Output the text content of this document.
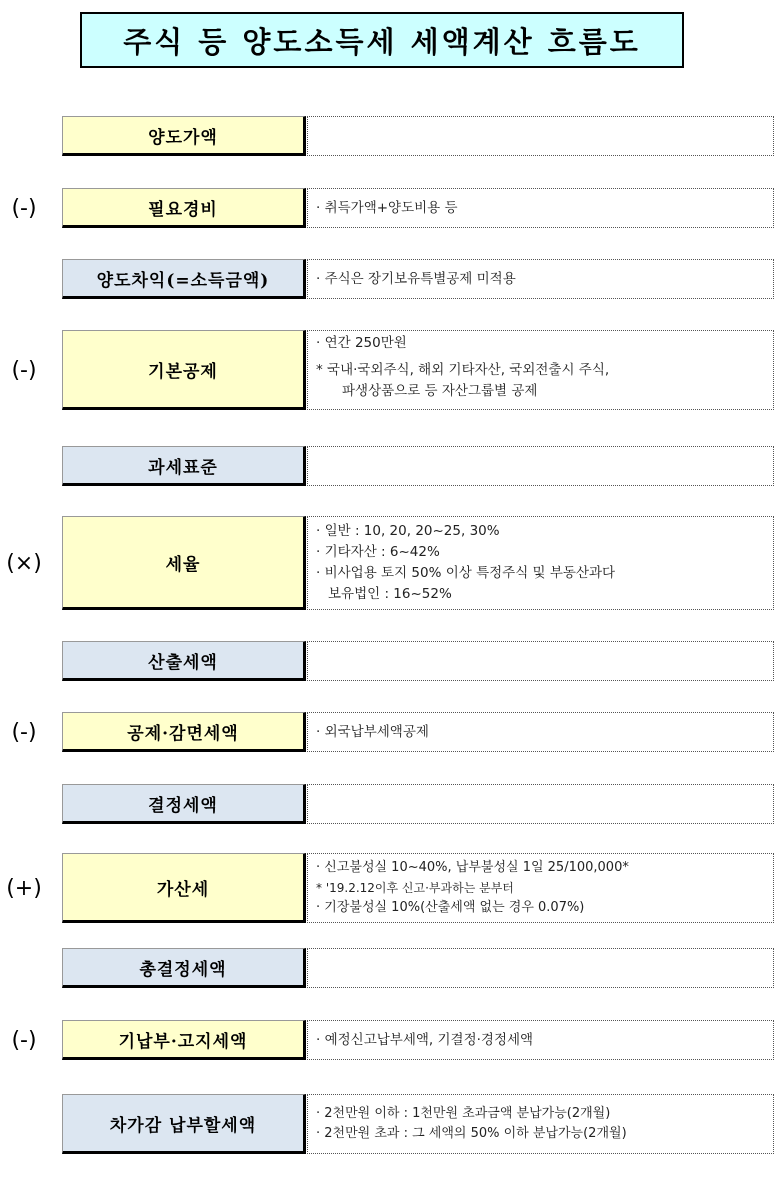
주식 등 양도소득세 세액계산 흐름도
양도가액
(-)	필요경비	· 취득가액+양도비용 등
양도차익(=소득금액)	· 주식은 장기보유특별공제 미적용
(-)	기본공제
· 연간 250만원
* 국내·국외주식, 해외 기타자산, 국외전출시 주식,
파생상품으로 등 자산그룹별 공제
과세표준
(×)	세율
· 일반 : 10, 20, 20~25, 30%
· 기타자산 : 6~42%
· 비사업용 토지 50% 이상 특정주식 및 부동산과다
보유법인 : 16~52%
산출세액
(-)	공제·감면세액	· 외국납부세액공제
결정세액
(+)	가산세
· 신고불성실 10~40%, 납부불성실 1일 25/100,000*
* '19.2.12이후 신고·부과하는 분부터
· 기장불성실 10%(산출세액 없는 경우 0.07%)
총결정세액
(-)	기납부·고지세액	· 예정신고납부세액, 기결정·경정세액
차가감 납부할세액
· 2천만원 이하 : 1천만원 초과금액 분납가능(2개월)
· 2천만원 초과 : 그 세액의 50% 이하 분납가능(2개월)
